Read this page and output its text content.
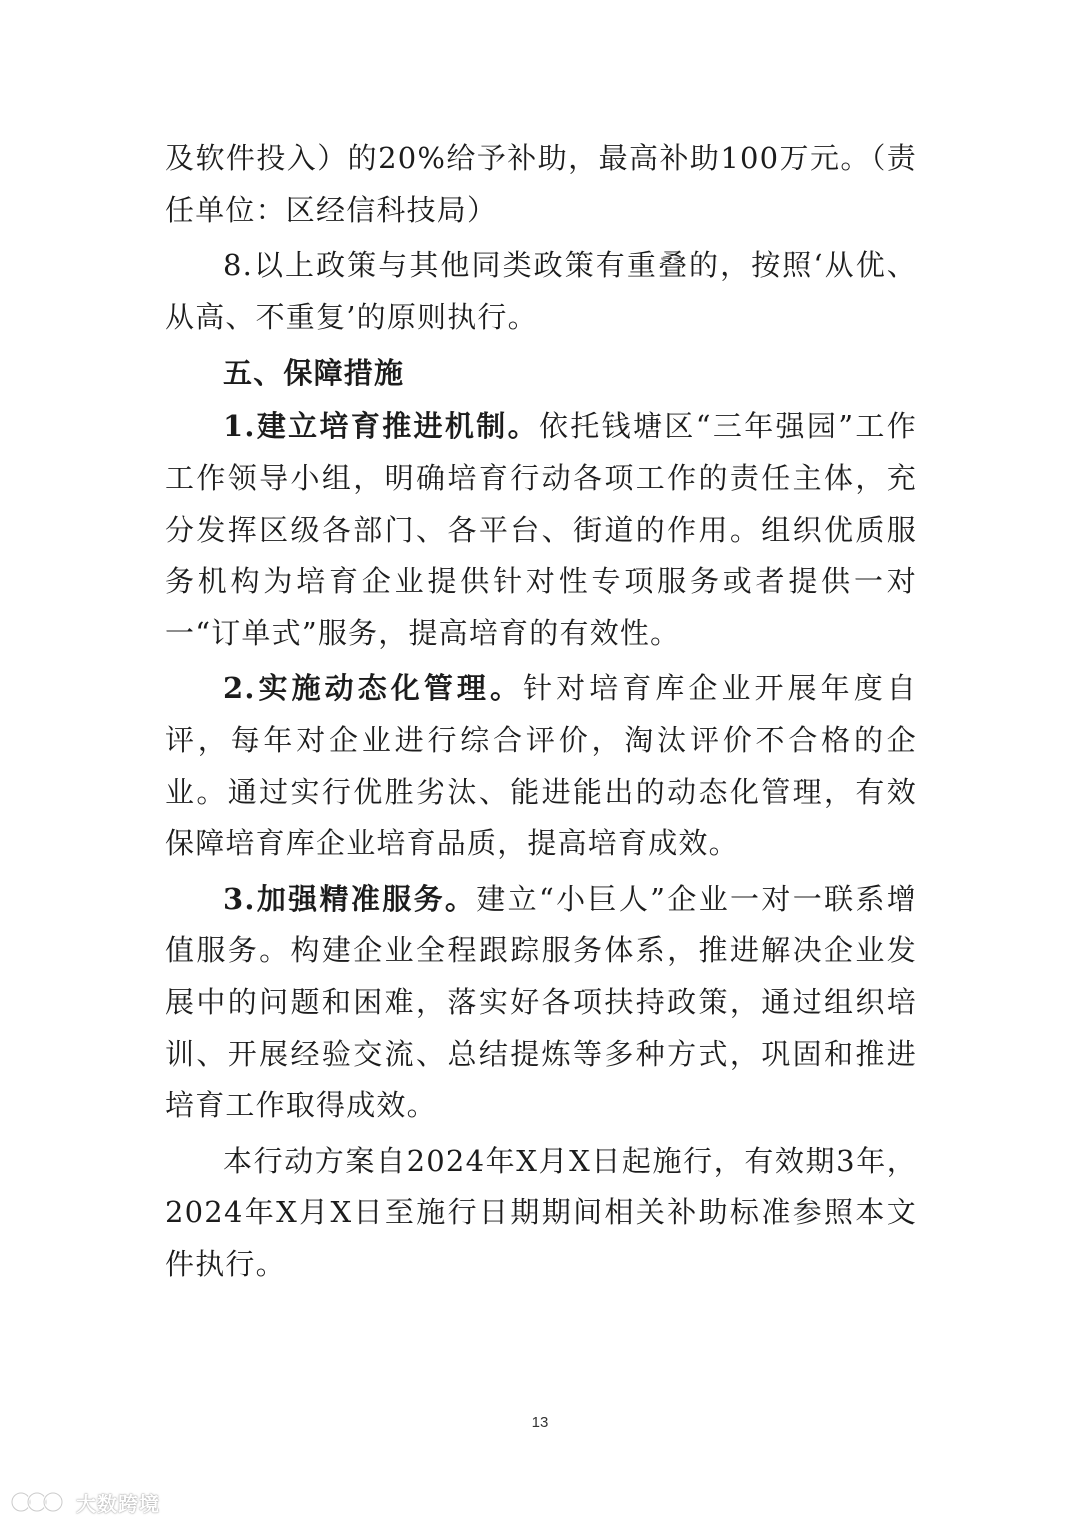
及软件投入）的20%给予补助，最高补助100万元。（责任单位：区经信科技局）

8.以上政策与其他同类政策有重叠的，按照‘从优、从高、不重复’的原则执行。

五、保障措施

1.建立培育推进机制。依托钱塘区“三年强园”工作工作领导小组，明确培育行动各项工作的责任主体，充分发挥区级各部门、各平台、街道的作用。组织优质服务机构为培育企业提供针对性专项服务或者提供一对一“订单式”服务，提高培育的有效性。

2.实施动态化管理。针对培育库企业开展年度自评，每年对企业进行综合评价，淘汰评价不合格的企业。通过实行优胜劣汰、能进能出的动态化管理，有效保障培育库企业培育品质，提高培育成效。

3.加强精准服务。建立“小巨人”企业一对一联系增值服务。构建企业全程跟踪服务体系，推进解决企业发展中的问题和困难，落实好各项扶持政策，通过组织培训、开展经验交流、总结提炼等多种方式，巩固和推进培育工作取得成效。

本行动方案自2024年X月X日起施行，有效期3年，2024年X月X日至施行日期期间相关补助标准参照本文件执行。

13
大数跨境
